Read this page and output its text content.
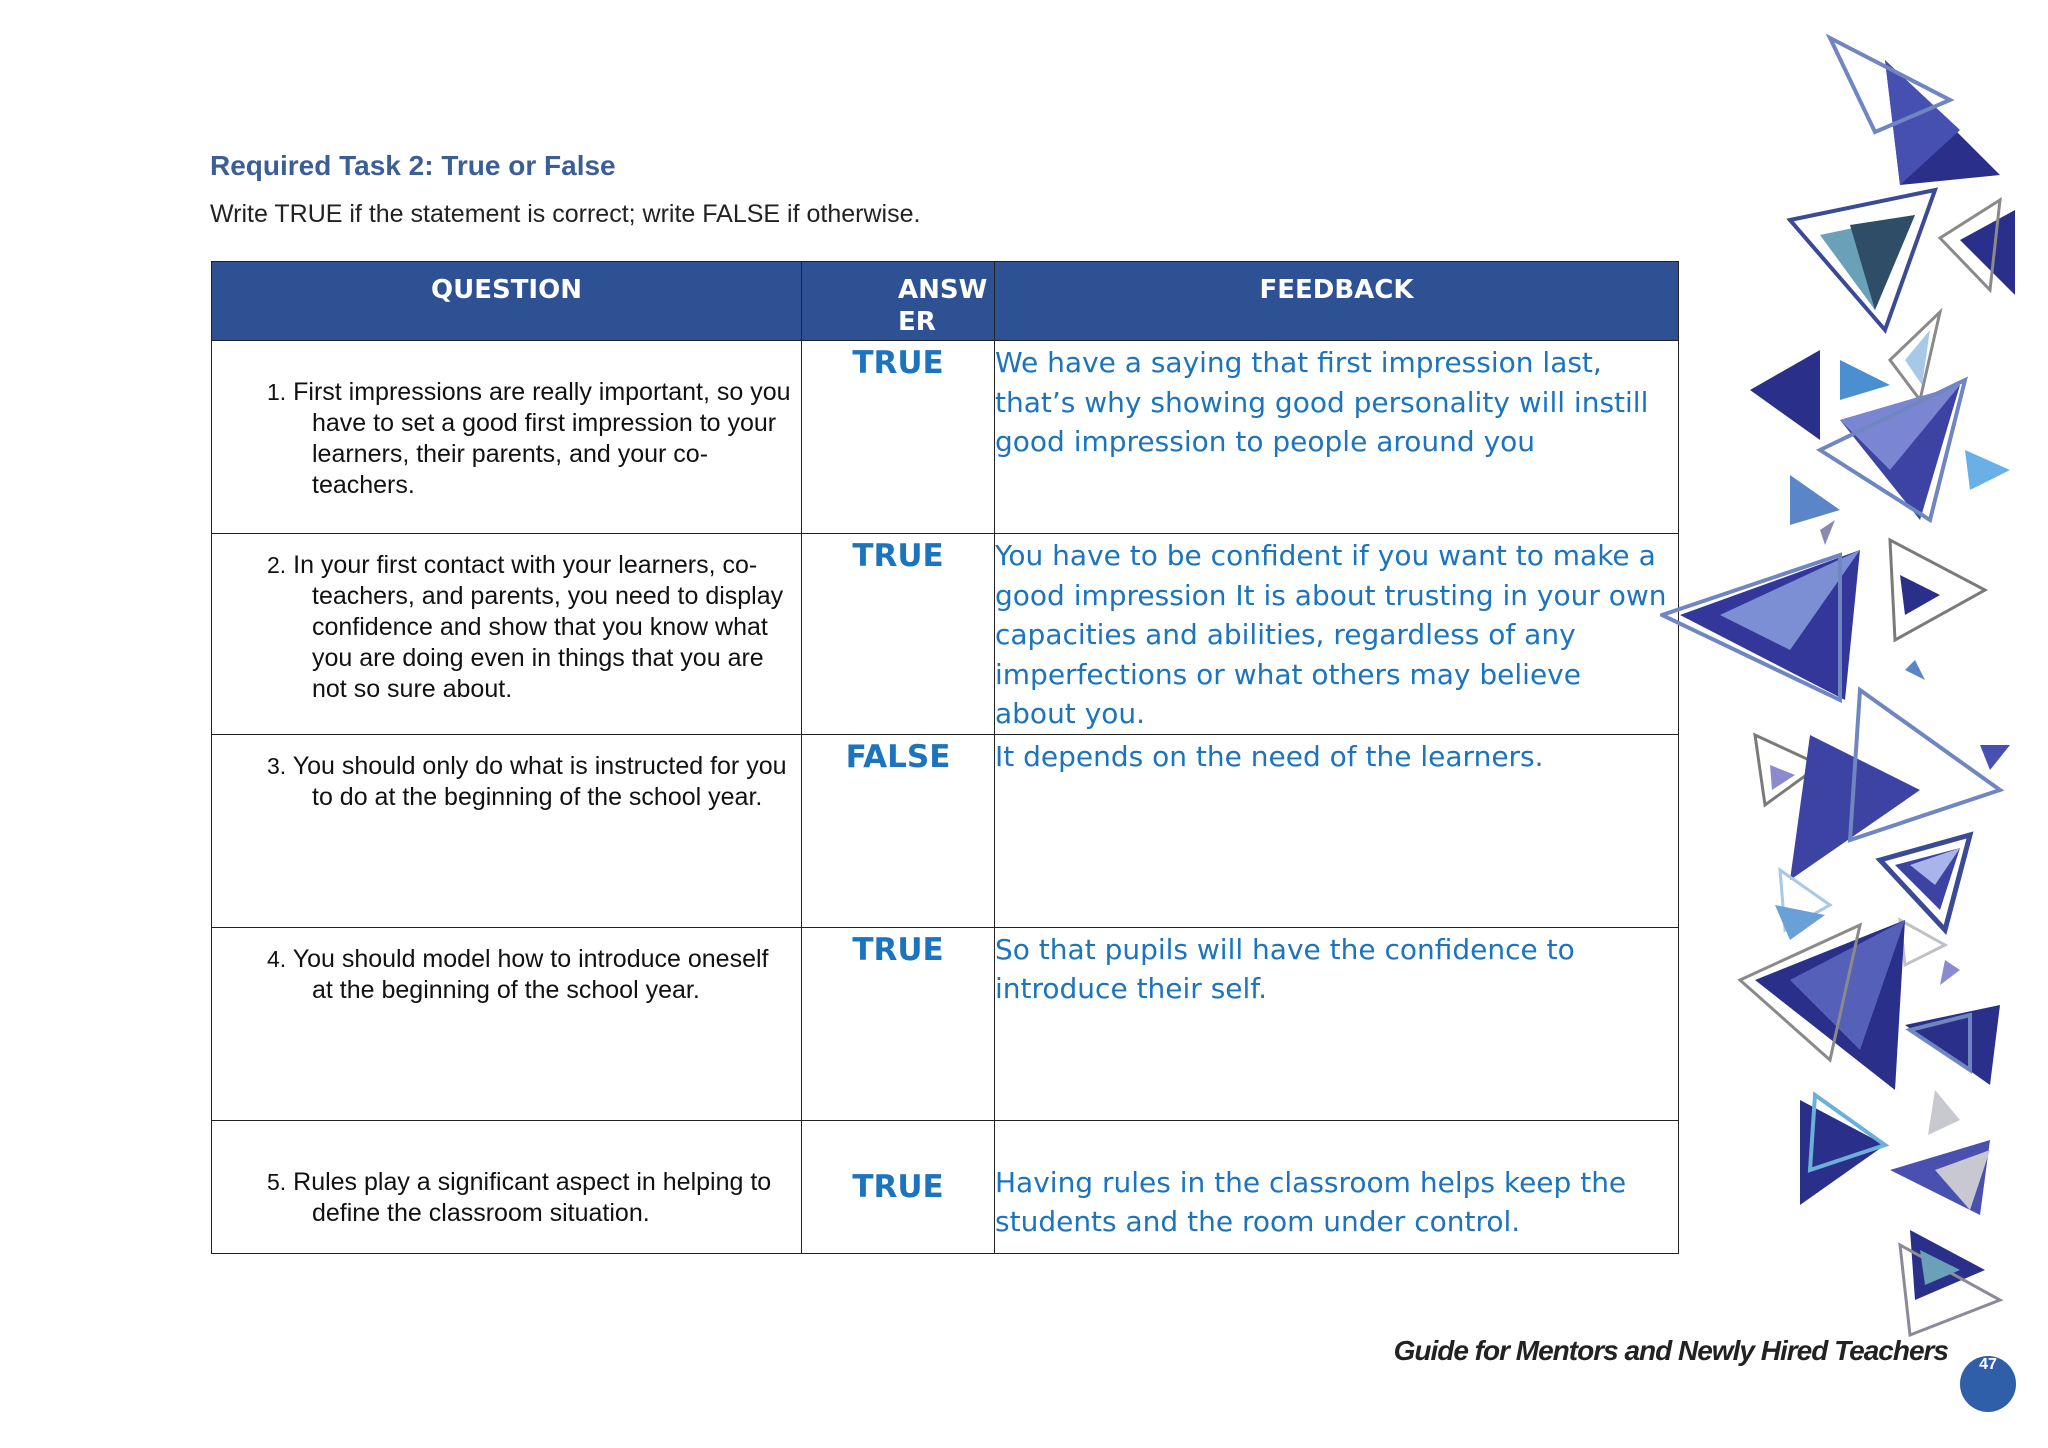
Required Task 2: True or False
Write TRUE if the statement is correct; write FALSE if otherwise.
QUESTION	ANSWER	FEEDBACK

1. First impressions are really important, so you have to set a good first impression to your learners, their parents, and your co-teachers.	TRUE	We have a saying that first impression last, that’s why showing good personality will instill good impression to people around you

2. In your first contact with your learners, co-teachers, and parents, you need to display confidence and show that you know what you are doing even in things that you are not so sure about.	TRUE	You have to be confident if you want to make a good impression It is about trusting in your own capacities and abilities, regardless of any imperfections or what others may believe about you.

3. You should only do what is instructed for you to do at the beginning of the school year.	FALSE	It depends on the need of the learners.

4. You should model how to introduce oneself at the beginning of the school year.	TRUE	So that pupils will have the confidence to introduce their self.

5. Rules play a significant aspect in helping to define the classroom situation.	TRUE	Having rules in the classroom helps keep the students and the room under control.
Guide for Mentors and Newly Hired Teachers 47
